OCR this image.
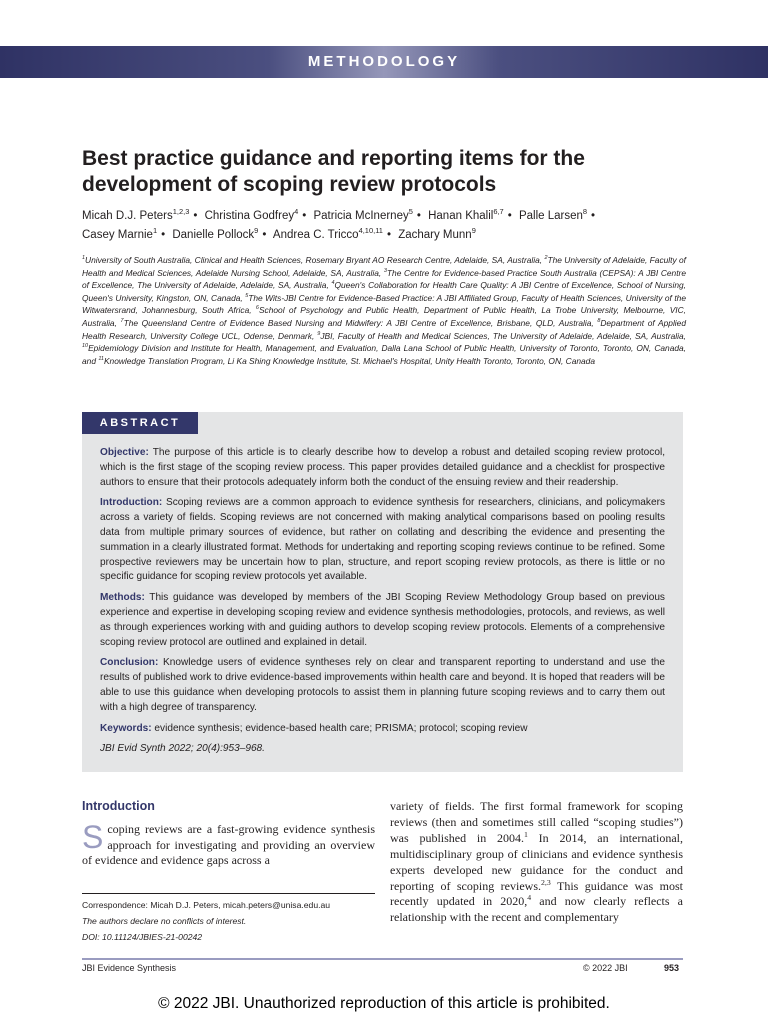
METHODOLOGY
Best practice guidance and reporting items for the development of scoping review protocols
Micah D.J. Peters$^{1,2,3}$ • Christina Godfrey$^4$ • Patricia McInerney$^5$ • Hanan Khalil$^{6,7}$ • Palle Larsen$^8$ •
Casey Marnie$^1$ • Danielle Pollock$^9$ • Andrea C. Tricco$^{4,10,11}$ • Zachary Munn$^9$
$^1$University of South Australia, Clinical and Health Sciences, Rosemary Bryant AO Research Centre, Adelaide, SA, Australia, $^2$The University of Adelaide, Faculty of Health and Medical Sciences, Adelaide Nursing School, Adelaide, SA, Australia, $^3$The Centre for Evidence-based Practice South Australia (CEPSA): A JBI Centre of Excellence, The University of Adelaide, Adelaide, SA, Australia, $^4$Queen's Collaboration for Health Care Quality: A JBI Centre of Excellence, School of Nursing, Queen's University, Kingston, ON, Canada, $^5$The Wits-JBI Centre for Evidence-Based Practice: A JBI Affiliated Group, Faculty of Health Sciences, University of the Witwatersrand, Johannesburg, South Africa, $^6$School of Psychology and Public Health, Department of Public Health, La Trobe University, Melbourne, VIC, Australia, $^7$The Queensland Centre of Evidence Based Nursing and Midwifery: A JBI Centre of Excellence, Brisbane, QLD, Australia, $^8$Department of Applied Health Research, University College UCL, Odense, Denmark, $^9$JBI, Faculty of Health and Medical Sciences, The University of Adelaide, Adelaide, SA, Australia, $^{10}$Epidemiology Division and Institute for Health, Management, and Evaluation, Dalla Lana School of Public Health, University of Toronto, Toronto, ON, Canada, and $^{11}$Knowledge Translation Program, Li Ka Shing Knowledge Institute, St. Michael's Hospital, Unity Health Toronto, Toronto, ON, Canada
ABSTRACT

Objective: The purpose of this article is to clearly describe how to develop a robust and detailed scoping review protocol, which is the first stage of the scoping review process. This paper provides detailed guidance and a checklist for prospective authors to ensure that their protocols adequately inform both the conduct of the ensuing review and their readership.

Introduction: Scoping reviews are a common approach to evidence synthesis for researchers, clinicians, and policymakers across a variety of fields. Scoping reviews are not concerned with making analytical comparisons based on pooling results data from multiple primary sources of evidence, but rather on collating and describing the evidence and presenting the summation in a clearly illustrated format. Methods for undertaking and reporting scoping reviews continue to be refined. Some prospective reviewers may be uncertain how to plan, structure, and report scoping review protocols, as there is little or no specific guidance for scoping review protocols yet available.

Methods: This guidance was developed by members of the JBI Scoping Review Methodology Group based on previous experience and expertise in developing scoping review and evidence synthesis methodologies, protocols, and reviews, as well as through experiences working with and guiding authors to develop scoping review protocols. Elements of a comprehensive scoping review protocol are outlined and explained in detail.

Conclusion: Knowledge users of evidence syntheses rely on clear and transparent reporting to understand and use the results of published work to drive evidence-based improvements within health care and beyond. It is hoped that readers will be able to use this guidance when developing protocols to assist them in planning future scoping reviews and to carry them out with a high degree of transparency.

Keywords: evidence synthesis; evidence-based health care; PRISMA; protocol; scoping review

JBI Evid Synth 2022; 20(4):953–968.

Introduction
Scoping reviews are a fast-growing evidence synthesis approach for investigating and providing an overview of evidence and evidence gaps across a
Correspondence: Micah D.J. Peters, micah.peters@unisa.edu.au
The authors declare no conflicts of interest.
DOI: 10.11124/JBIES-21-00242
variety of fields. The first formal framework for scoping reviews (then and sometimes still called “scoping studies”) was published in 2004.$^1$ In 2014, an international, multidisciplinary group of clinicians and evidence synthesis experts developed new guidance for the conduct and reporting of scoping reviews.$^{2,3}$ This guidance was most recently updated in 2020,$^4$ and now clearly reflects a relationship with the recent and complementary
JBI Evidence Synthesis	© 2022 JBI	953
© 2022 JBI. Unauthorized reproduction of this article is prohibited.
